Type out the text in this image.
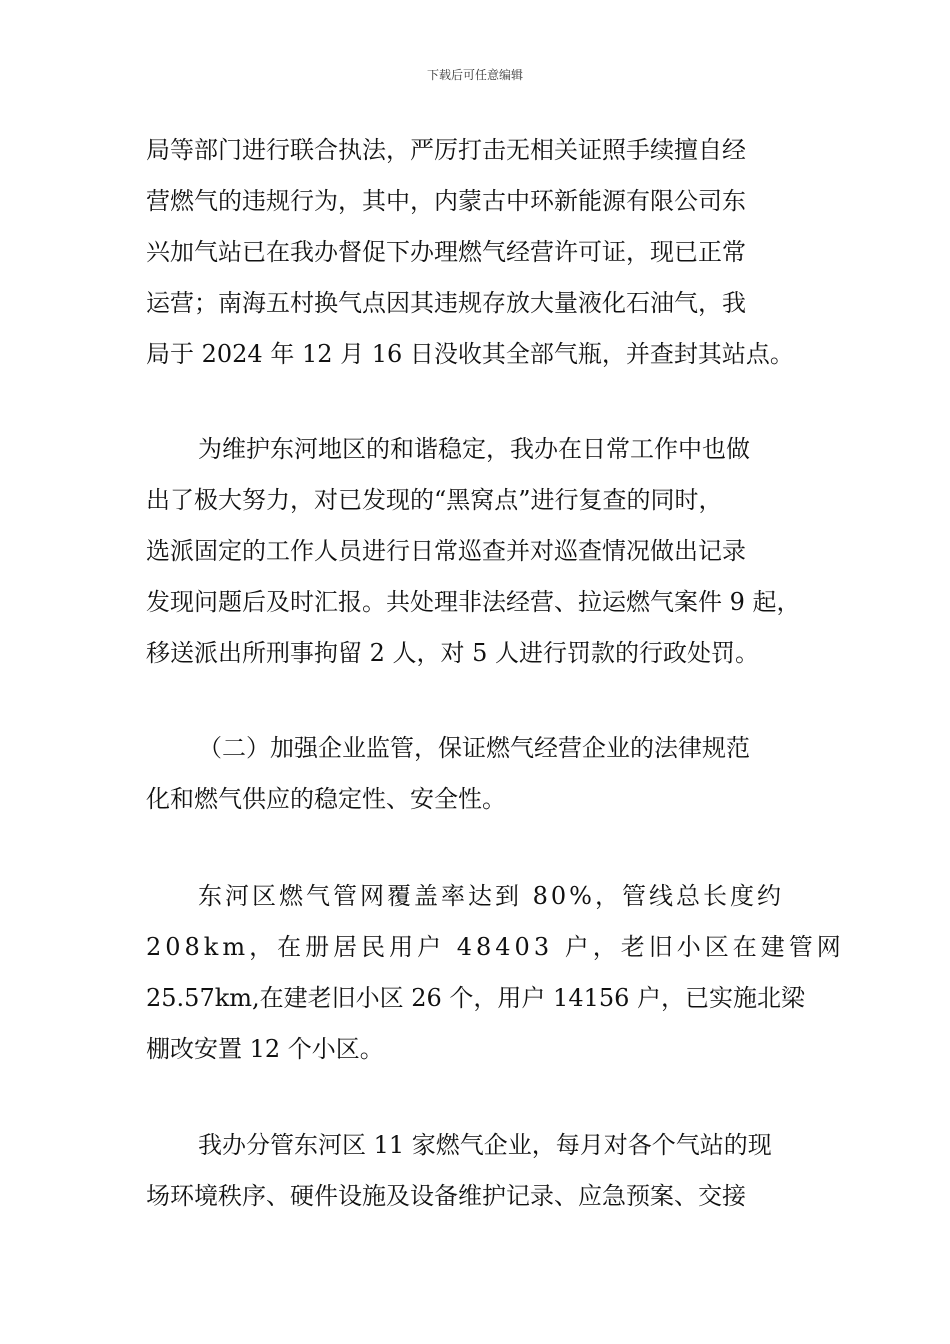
下载后可任意编辑
局等部门进行联合执法，严厉打击无相关证照手续擅自经
营燃气的违规行为，其中，内蒙古中环新能源有限公司东
兴加气站已在我办督促下办理燃气经营许可证，现已正常
运营；南海五村换气点因其违规存放大量液化石油气，我
局于 2024 年 12 月 16 日没收其全部气瓶，并查封其站点。
为维护东河地区的和谐稳定，我办在日常工作中也做
出了极大努力，对已发现的“黑窝点”进行复查的同时，
选派固定的工作人员进行日常巡查并对巡查情况做出记录
发现问题后及时汇报。共处理非法经营、拉运燃气案件 9 起，
移送派出所刑事拘留 2 人，对 5 人进行罚款的行政处罚。
（二）加强企业监管，保证燃气经营企业的法律规范
化和燃气供应的稳定性、安全性。
东河区燃气管网覆盖率达到 80%，管线总长度约
208km，在册居民用户 48403 户，老旧小区在建管网
25.57km,在建老旧小区 26 个，用户 14156 户，已实施北梁
棚改安置 12 个小区。
我办分管东河区 11 家燃气企业，每月对各个气站的现
场环境秩序、硬件设施及设备维护记录、应急预案、交接
